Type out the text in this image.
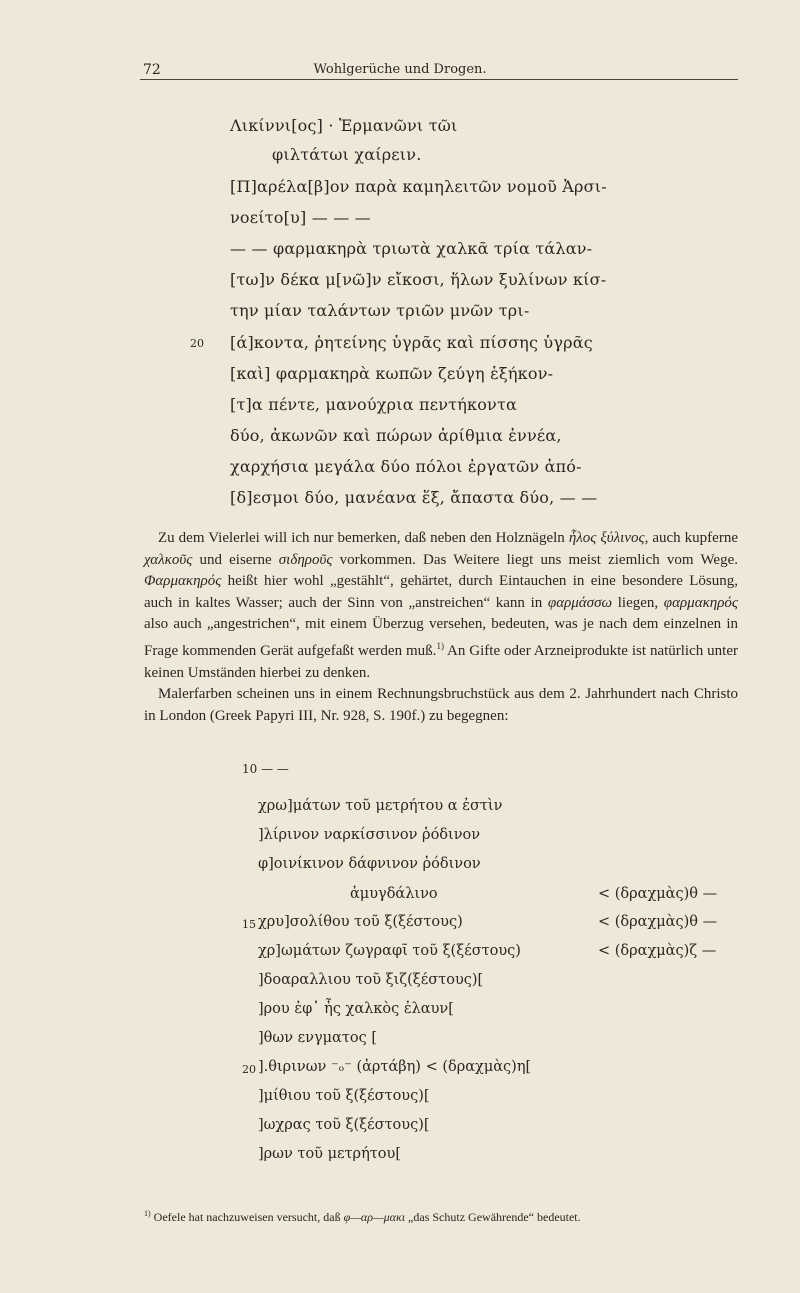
72	Wohlgerüche und Drogen.
Λικίννι[ος] · Ἑρμανῶνι τῶι
φιλτάτωι χαίρειν.
[Π]αρέλα[β]ον παρὰ καμηλειτῶν νομοῦ Ἀρσι-
νοείτο[υ] — — —
— — φαρμακηρὰ τριωτὰ χαλκᾶ τρία τάλαν-
[τω]ν δέκα μ[νῶ]ν εἴκοσι, ἥλων ξυλίνων κίσ-
την μίαν ταλάντων τριῶν μνῶν τρι-
20 [ά]κοντα, ῥητείνης ὑγρᾶς καὶ πίσσης ὑγρᾶς
[καὶ] φαρμακηρὰ κωπῶν ζεύγη ἑξήκον-
[τ]α πέντε, μανούχρια πεντήκοντα
δύο, ἀκωνῶν καὶ πώρων ἀρίθμια ἐννέα,
χαρχήσια μεγάλα δύο πόλοι ἐργατῶν ἀπό-
[δ]εσμοι δύο, μανέανα ἕξ, ἄπαστα δύο, — —

Zu dem Vielerlei will ich nur bemerken, daß neben den Holznägeln ἧλος ξύλινος, auch kupferne χαλκοῦς und eiserne σιδηροῦς vorkommen. Das Weitere liegt uns meist ziemlich vom Wege. Φαρμακηρός heißt hier wohl „gestählt“, gehärtet, durch Eintauchen in eine besondere Lösung, auch in kaltes Wasser; auch der Sinn von „anstreichen“ kann in φαρμάσσω liegen, φαρμακηρός also auch „angestrichen“, mit einem Überzug versehen, bedeuten, was je nach dem einzelnen in Frage kommenden Gerät aufgefaßt werden muß.$^{1)}$ An Gifte oder Arzneiprodukte ist natürlich unter keinen Umständen hierbei zu denken.

Malerfarben scheinen uns in einem Rechnungsbruchstück aus dem 2. Jahrhundert nach Christo in London (Greek Papyri III, Nr. 928, S. 190f.) zu begegnen:

10 — —
χρω]μάτων τοῦ μετρήτου α ἐστὶν
]λίρινον ναρκίσσινον ῥόδινον
φ]οινίκινον δάφνινον ῥόδινον
ἀμυγδάλινο	< (δραχμὰς)θ —
15 χρυ]σολίθου τοῦ ξ(ξέστους)	< (δραχμὰς)θ —
χρ]ωμάτων ζωγραφῖ τοῦ ξ(ξέστους)	< (δραχμὰς)ζ —
]δοαραλλιου τοῦ ξιζ(ξέστους)[
]ρου ἐφ᾽ ἧς χαλκὸς ἐλαυν[
]θων ενγματος [
20 ].θιρινων ⁻ₒ⁻ (ἀρτάβη) < (δραχμὰς)η[
]μίθιου τοῦ ξ(ξέστους)[
]ωχρας τοῦ ξ(ξέστους)[
]ρων τοῦ μετρήτου[
$^{1)}$ Oefele hat nachzuweisen versucht, daß φ—αρ—μακι „das Schutz Gewährende“ bedeutet.
